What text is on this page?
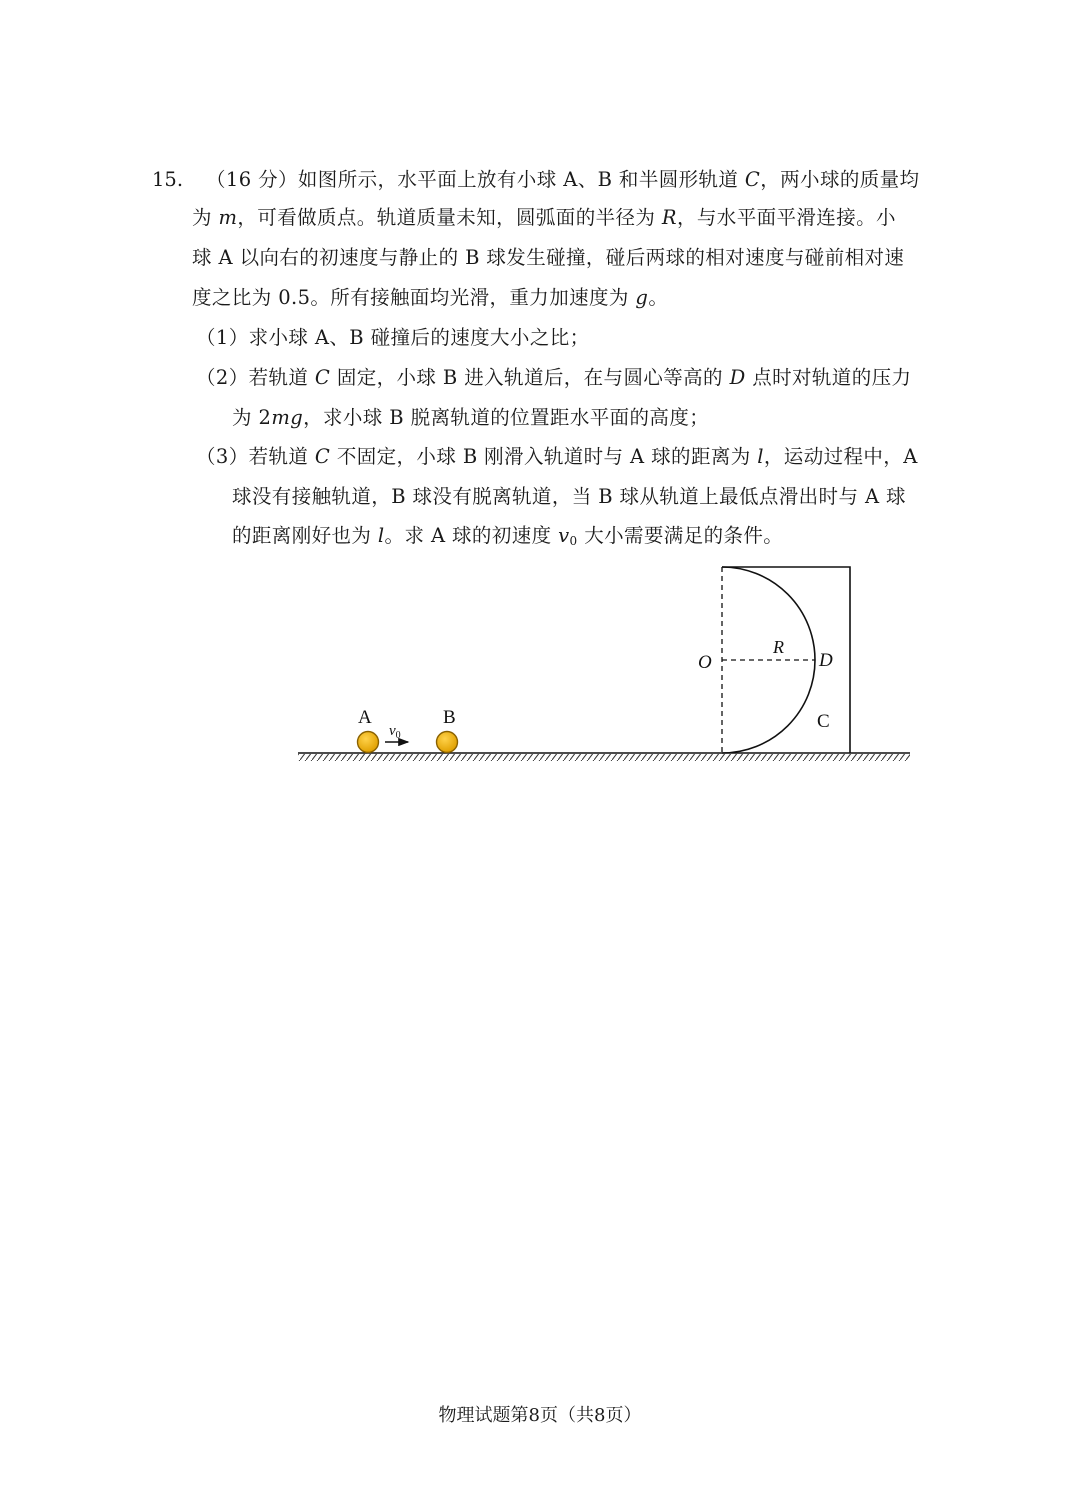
15. （16 分）如图所示，水平面上放有小球 A、B 和半圆形轨道 C，两小球的质量均
为 m，可看做质点。轨道质量未知，圆弧面的半径为 R，与水平面平滑连接。小
球 A 以向右的初速度与静止的 B 球发生碰撞，碰后两球的相对速度与碰前相对速
度之比为 0.5。所有接触面均光滑，重力加速度为 g。
（1）求小球 A、B 碰撞后的速度大小之比；
（2）若轨道 C 固定，小球 B 进入轨道后，在与圆心等高的 D 点时对轨道的压力
为 2mg，求小球 B 脱离轨道的位置距水平面的高度；
（3）若轨道 C 不固定，小球 B 刚滑入轨道时与 A 球的距离为 l，运动过程中，A
球没有接触轨道，B 球没有脱离轨道，当 B 球从轨道上最低点滑出时与 A 球
的距离刚好也为 l。求 A 球的初速度 $v_0$ 大小需要满足的条件。
O
R
D
C
A
$v_0$
B
物理试题第8页（共8页）
